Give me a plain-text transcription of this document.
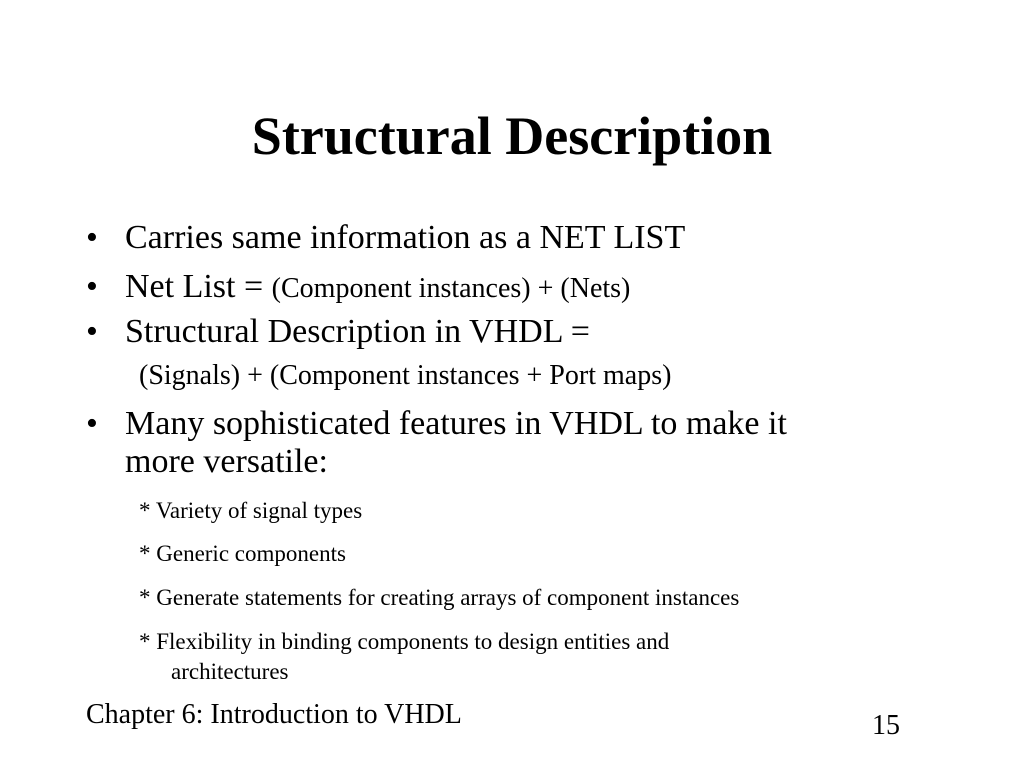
Structural Description
• Carries same information as a NET LIST
• Net List = (Component instances) + (Nets)
• Structural Description in VHDL =
(Signals) + (Component instances + Port maps)
• Many sophisticated features in VHDL to make it
more versatile:
* Variety of signal types
* Generic components
* Generate statements for creating arrays of component instances
* Flexibility in binding components to design entities and
architectures
Chapter 6: Introduction to VHDL	15
